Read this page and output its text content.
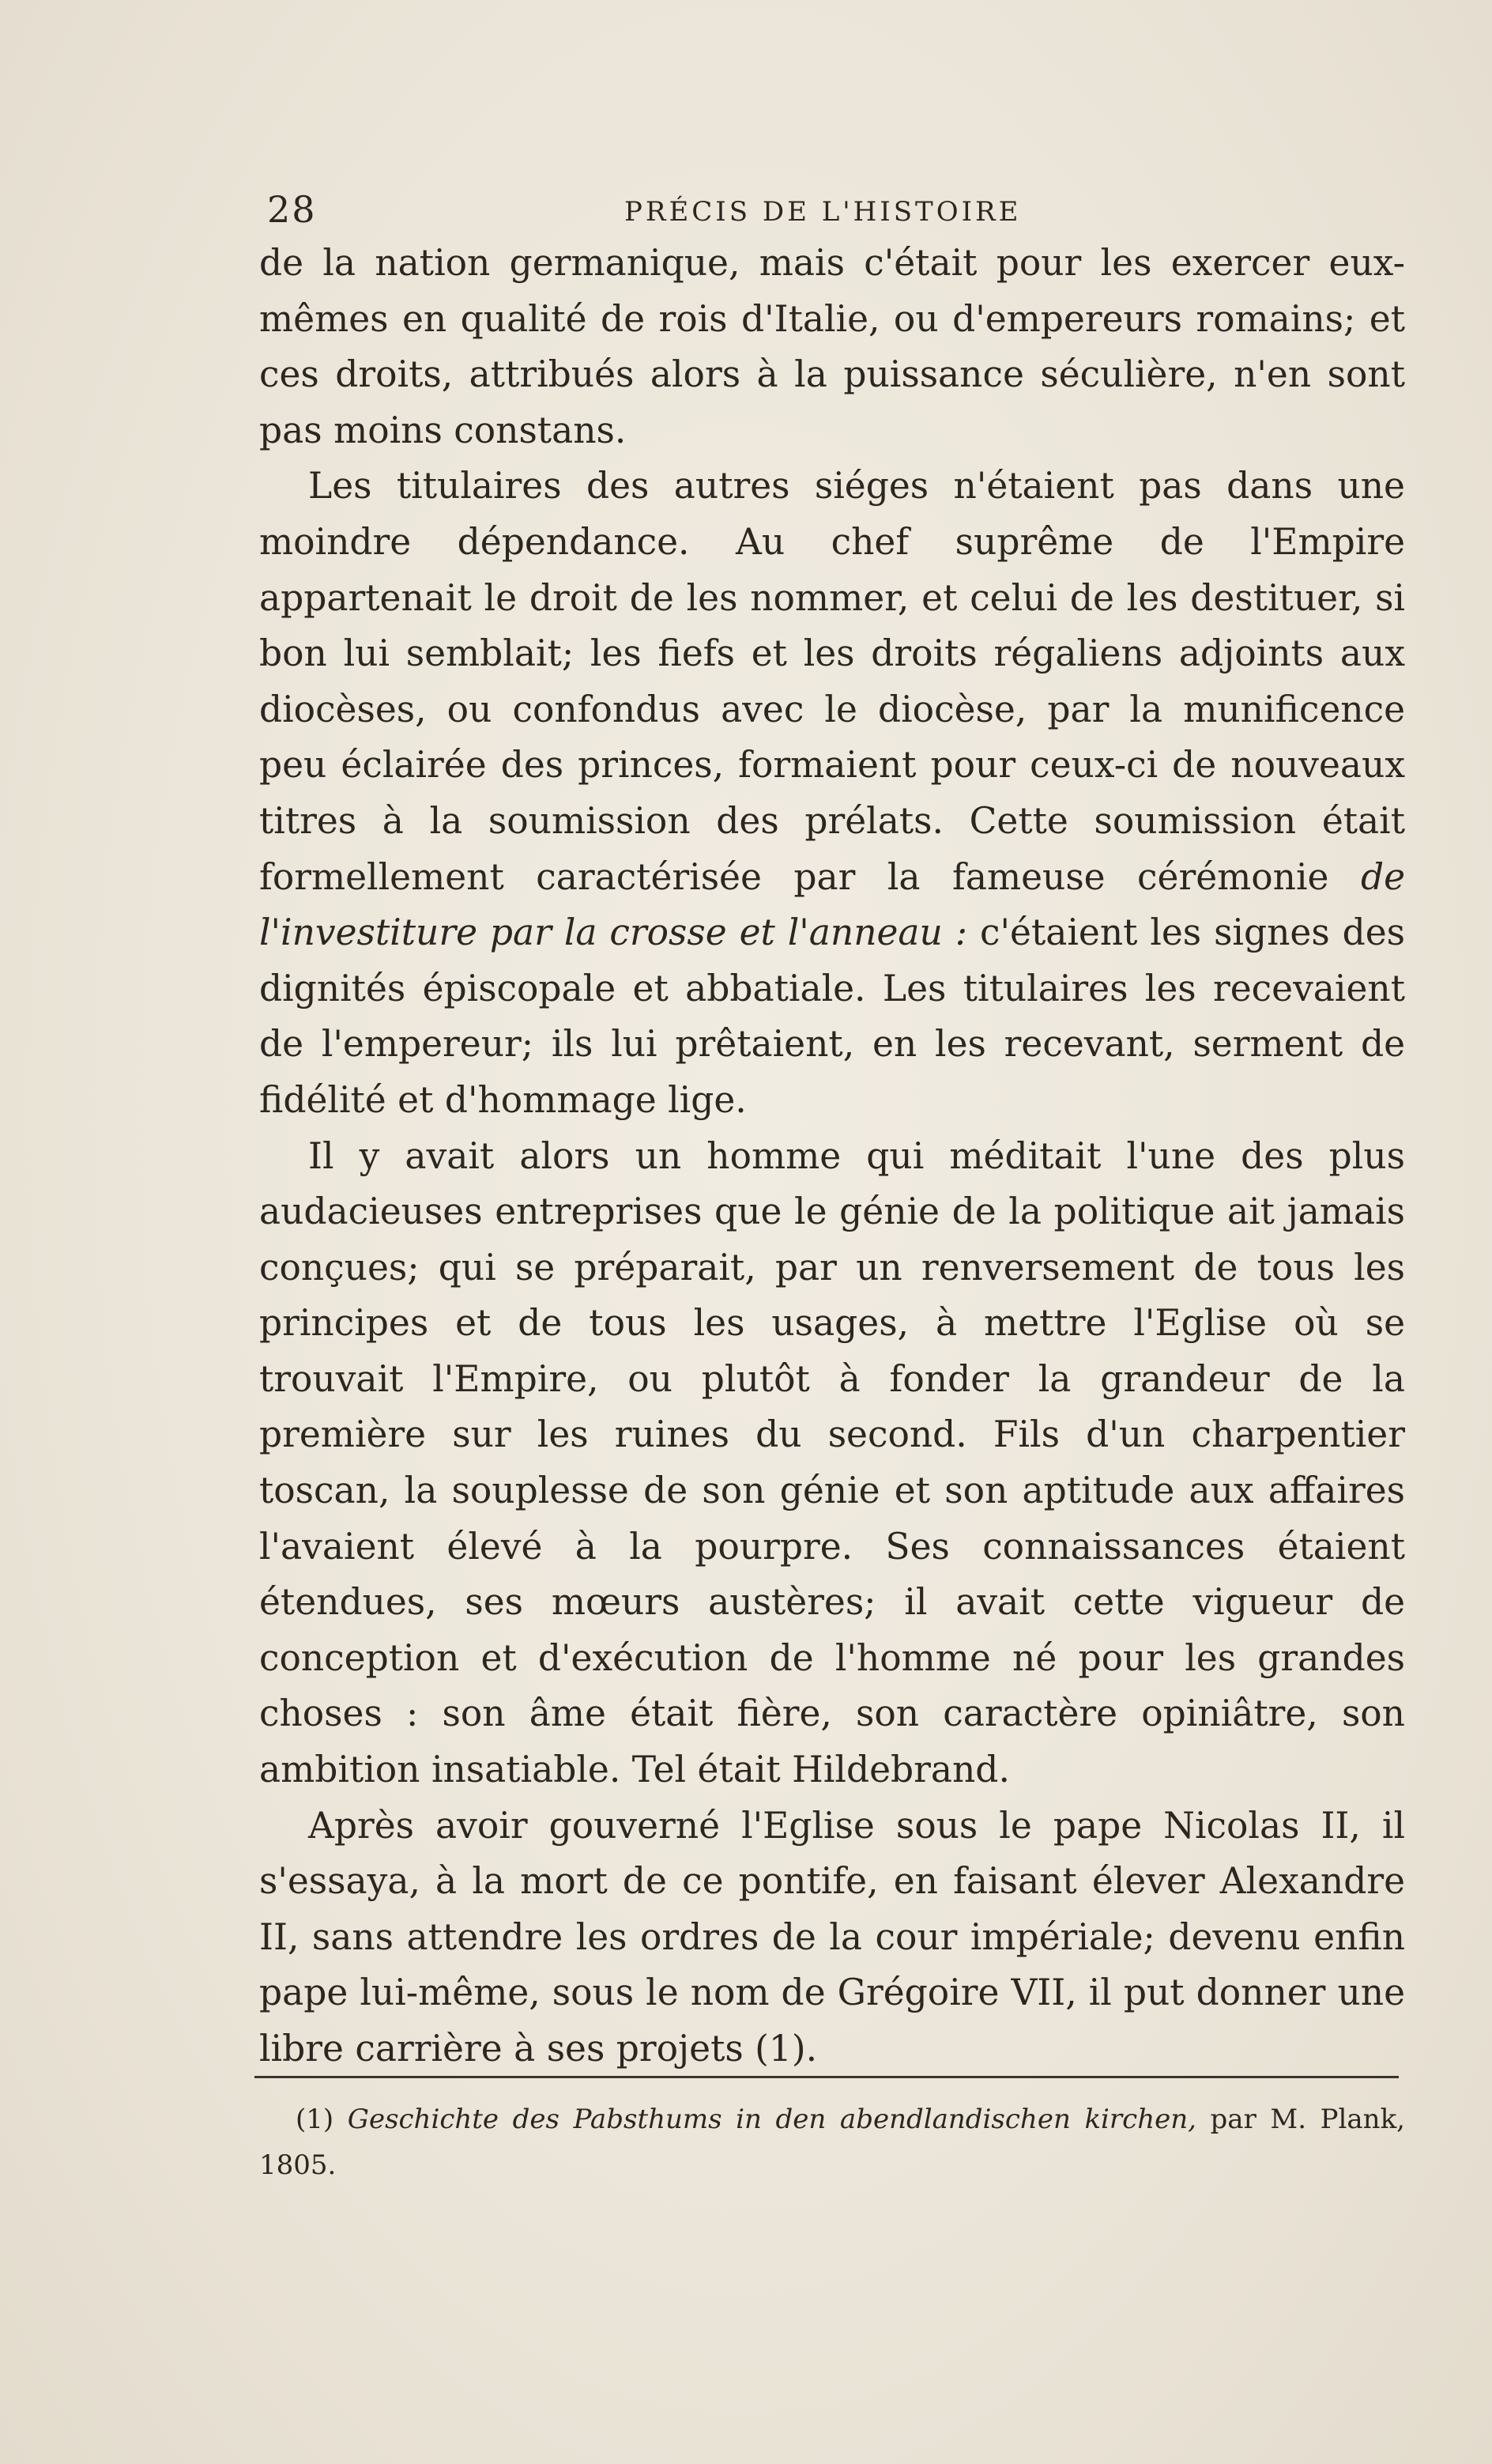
28	PRÉCIS DE L'HISTOIRE

de la nation germanique, mais c'était pour les exercer eux-mêmes en qualité de rois d'Italie, ou d'empereurs romains; et ces droits, attribués alors à la puissance séculière, n'en sont pas moins constans.

Les titulaires des autres siéges n'étaient pas dans une moindre dépendance. Au chef suprême de l'Empire appartenait le droit de les nommer, et celui de les destituer, si bon lui semblait; les fiefs et les droits régaliens adjoints aux diocèses, ou confondus avec le diocèse, par la munificence peu éclairée des princes, formaient pour ceux-ci de nouveaux titres à la soumission des prélats. Cette soumission était formellement caractérisée par la fameuse cérémonie de l'investiture par la crosse et l'anneau : c'étaient les signes des dignités épiscopale et abbatiale. Les titulaires les recevaient de l'empereur; ils lui prêtaient, en les recevant, serment de fidélité et d'hommage lige.

Il y avait alors un homme qui méditait l'une des plus audacieuses entreprises que le génie de la politique ait jamais conçues; qui se préparait, par un renversement de tous les principes et de tous les usages, à mettre l'Eglise où se trouvait l'Empire, ou plutôt à fonder la grandeur de la première sur les ruines du second. Fils d'un charpentier toscan, la souplesse de son génie et son aptitude aux affaires l'avaient élevé à la pourpre. Ses connaissances étaient étendues, ses mœurs austères; il avait cette vigueur de conception et d'exécution de l'homme né pour les grandes choses : son âme était fière, son caractère opiniâtre, son ambition insatiable. Tel était Hildebrand.

Après avoir gouverné l'Eglise sous le pape Nicolas II, il s'essaya, à la mort de ce pontife, en faisant élever Alexandre II, sans attendre les ordres de la cour impériale; devenu enfin pape lui-même, sous le nom de Grégoire VII, il put donner une libre carrière à ses projets (1).

(1) Geschichte des Pabsthums in den abendlandischen kirchen, par M. Plank, 1805.
